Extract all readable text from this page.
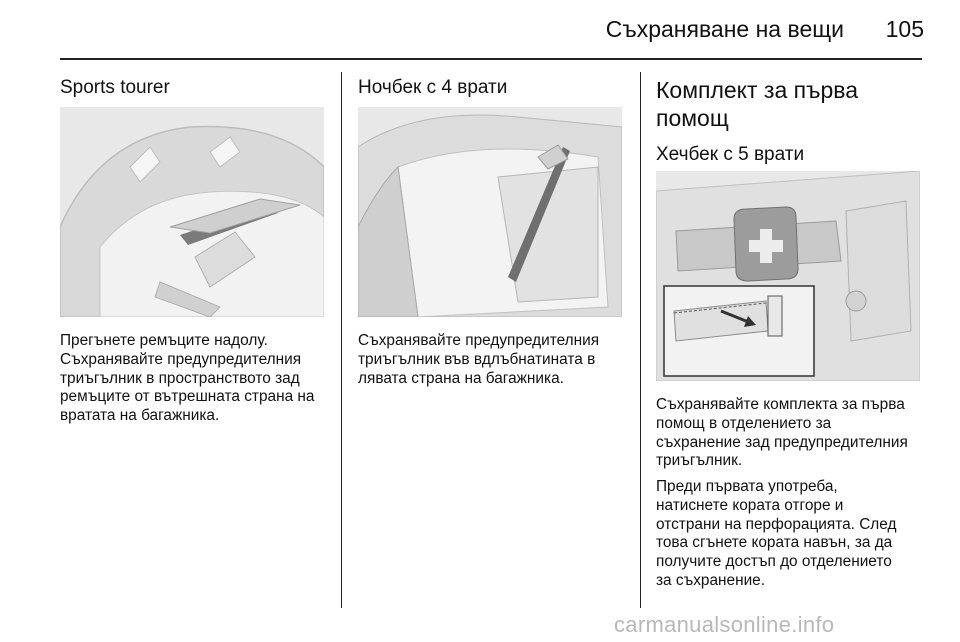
Съхраняване на вещи	105
Sports tourer

Прегънете ремъците надолу.
Съхранявайте предупредителния
триъгълник в пространството зад
ремъците от вътрешната страна на
вратата на багажника.

Ночбек с 4 врати

Съхранявайте предупредителния
триъгълник във вдлъбнатината в
лявата страна на багажника.

Комплект за първа помощ
Хечбек с 5 врати

Съхранявайте комплекта за първа
помощ в отделението за
съхранение зад предупредителния
триъгълник.

Преди първата употреба,
натиснете кората отгоре и
отстрани на перфорацията. След
това сгънете кората навън, за да
получите достъп до отделението
за съхранение.

carmanualsonline.info
